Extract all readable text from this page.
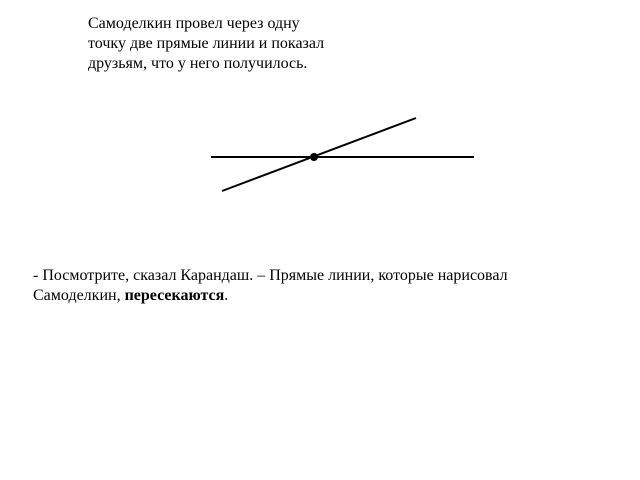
Самоделкин провел через одну

точку две прямые линии и показал

друзьям, что у него получилось.

- Посмотрите, сказал Карандаш. – Прямые линии, которые нарисовал

Самоделкин, пересекаются.
